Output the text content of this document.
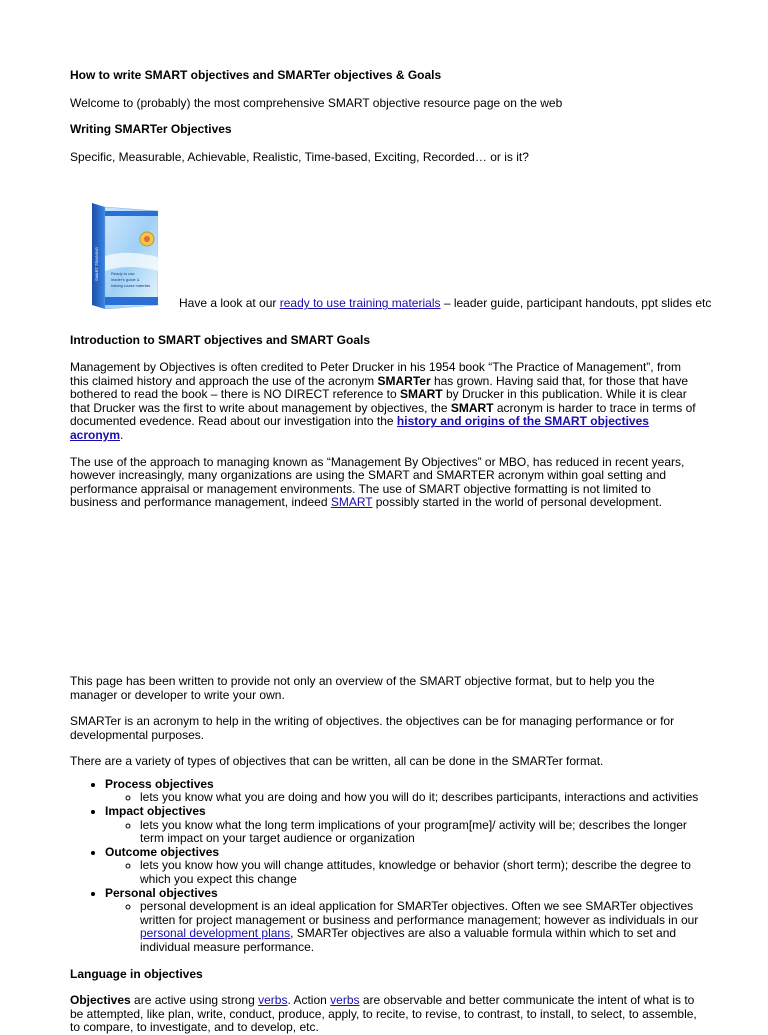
How to write SMART objectives and SMARTer objectives & Goals

Welcome to (probably) the most comprehensive SMART objective resource page on the web

Writing SMARTer Objectives

Specific, Measurable, Achievable, Realistic, Time-based, Exciting, Recorded… or is it?

SMART TRAINING	Ready to use
leader's guide &
training course materials

Have a look at our ready to use training materials – leader guide, participant handouts, ppt slides etc

Introduction to SMART objectives and SMART Goals

Management by Objectives is often credited to Peter Drucker in his 1954 book “The Practice of Management”, from this claimed history and approach the use of the acronym SMARTer has grown. Having said that, for those that have bothered to read the book – there is NO DIRECT reference to SMART by Drucker in this publication. While it is clear that Drucker was the first to write about management by objectives, the SMART acronym is harder to trace in terms of documented evedence. Read about our investigation into the history and origins of the SMART objectives acronym.

The use of the approach to managing known as “Management By Objectives” or MBO, has reduced in recent years, however increasingly, many organizations are using the SMART and SMARTER acronym within goal setting and performance appraisal or management environments. The use of SMART objective formatting is not limited to business and performance management, indeed SMART possibly started in the world of personal development.

This page has been written to provide not only an overview of the SMART objective format, but to help you the manager or developer to write your own.

SMARTer is an acronym to help in the writing of objectives. the objectives can be for managing performance or for developmental purposes.

There are a variety of types of objectives that can be written, all can be done in the SMARTer format.

• Process objectives
◦ lets you know what you are doing and how you will do it; describes participants, interactions and activities
• Impact objectives
◦ lets you know what the long term implications of your program[me]/ activity will be; describes the longer term impact on your target audience or organization
• Outcome objectives
◦ lets you know how you will change attitudes, knowledge or behavior (short term); describe the degree to which you expect this change
• Personal objectives
◦ personal development is an ideal application for SMARTer objectives. Often we see SMARTer objectives written for project management or business and performance management; however as individuals in our personal development plans, SMARTer objectives are also a valuable formula within which to set and individual measure performance.

Language in objectives

Objectives are active using strong verbs. Action verbs are observable and better communicate the intent of what is to be attempted, like plan, write, conduct, produce, apply, to recite, to revise, to contrast, to install, to select, to assemble, to compare, to investigate, and to develop, etc.
